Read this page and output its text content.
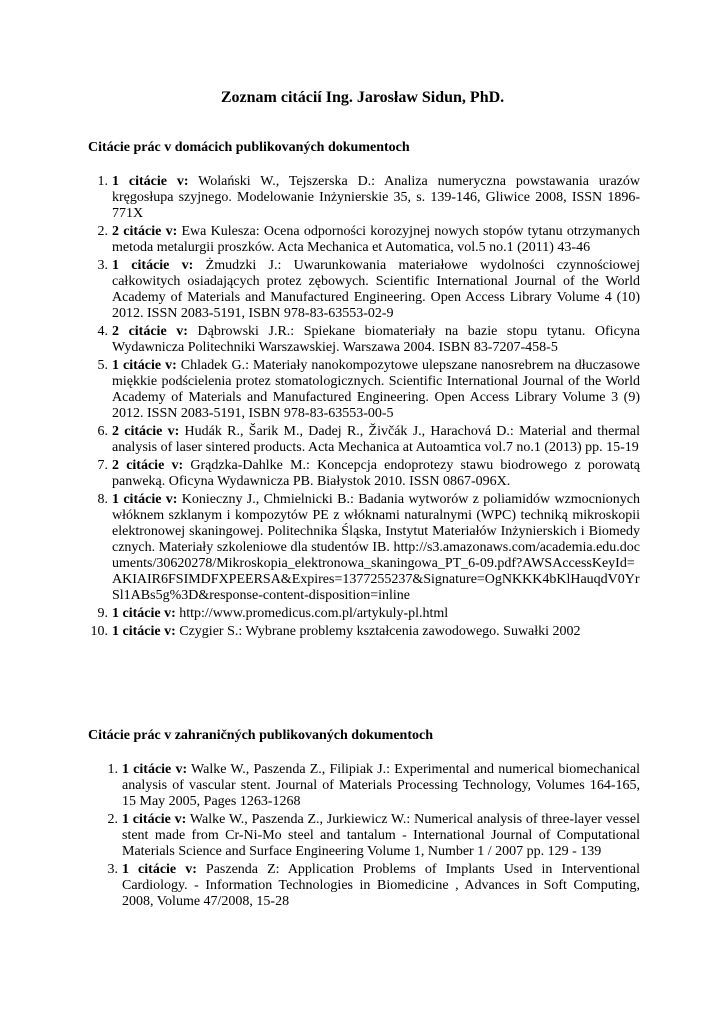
Zoznam citácií Ing. Jarosław Sidun, PhD.
Citácie prác v domácich publikovaných dokumentoch
1. 1 citácie v: Wolański W., Tejszerska D.: Analiza numeryczna powstawania urazów kręgosłupa szyjnego. Modelowanie Inżynierskie 35, s. 139-146, Gliwice 2008, ISSN 1896-771X
2. 2 citácie v: Ewa Kulesza: Ocena odporności korozyjnej nowych stopów tytanu otrzymanych metoda metalurgii proszków. Acta Mechanica et Automatica, vol.5 no.1 (2011) 43-46
3. 1 citácie v: Żmudzki J.: Uwarunkowania materiałowe wydolności czynnościowej całkowitych osiadających protez zębowych. Scientific International Journal of the World Academy of Materials and Manufactured Engineering. Open Access Library Volume 4 (10) 2012. ISSN 2083-5191, ISBN 978-83-63553-02-9
4. 2 citácie v: Dąbrowski J.R.: Spiekane biomateriały na bazie stopu tytanu. Oficyna Wydawnicza Politechniki Warszawskiej. Warszawa 2004. ISBN 83-7207-458-5
5. 1 citácie v: Chladek G.: Materiały nanokompozytowe ulepszane nanosrebrem na dłuczasowe miękkie podścielenia protez stomatologicznych. Scientific International Journal of the World Academy of Materials and Manufactured Engineering. Open Access Library Volume 3 (9) 2012. ISSN 2083-5191, ISBN 978-83-63553-00-5
6. 2 citácie v: Hudák R., Šarik M., Dadej R., Živčák J., Harachová D.: Material and thermal analysis of laser sintered products. Acta Mechanica at Autoamtica vol.7 no.1 (2013) pp. 15-19
7. 2 citácie v: Grądzka-Dahlke M.: Koncepcja endoprotezy stawu biodrowego z porowatą panweką. Oficyna Wydawnicza PB. Białystok 2010. ISSN 0867-096X.
8. 1 citácie v: Konieczny J., Chmielnicki B.: Badania wytworów z poliamidów wzmocnionych włóknem szklanym i kompozytów PE z włóknami naturalnymi (WPC) techniką mikroskopii elektronowej skaningowej. Politechnika Śląska, Instytut Materiałów Inżynierskich i Biomedycznych. Materiały szkoleniowe dla studentów IB. http://s3.amazonaws.com/academia.edu.documents/30620278/Mikroskopia_elektronowa_skaningowa_PT_6-09.pdf?AWSAccessKeyId=AKIAIR6FSIMDFXPEERSA&Expires=1377255237&Signature=OgNKKK4bKlHauqdV0YrSl1ABs5g%3D&response-content-disposition=inline
9. 1 citácie v: http://www.promedicus.com.pl/artykuly-pl.html
10. 1 citácie v: Czygier S.: Wybrane problemy kształcenia zawodowego. Suwałki 2002
Citácie prác v zahraničných publikovaných dokumentoch
1. 1 citácie v: Walke W., Paszenda Z., Filipiak J.: Experimental and numerical biomechanical analysis of vascular stent. Journal of Materials Processing Technology, Volumes 164-165, 15 May 2005, Pages 1263-1268
2. 1 citácie v: Walke W., Paszenda Z., Jurkiewicz W.: Numerical analysis of three-layer vessel stent made from Cr-Ni-Mo steel and tantalum - International Journal of Computational Materials Science and Surface Engineering Volume 1, Number 1 / 2007 pp. 129 - 139
3. 1 citácie v: Paszenda Z: Application Problems of Implants Used in Interventional Cardiology. - Information Technologies in Biomedicine , Advances in Soft Computing, 2008, Volume 47/2008, 15-28
